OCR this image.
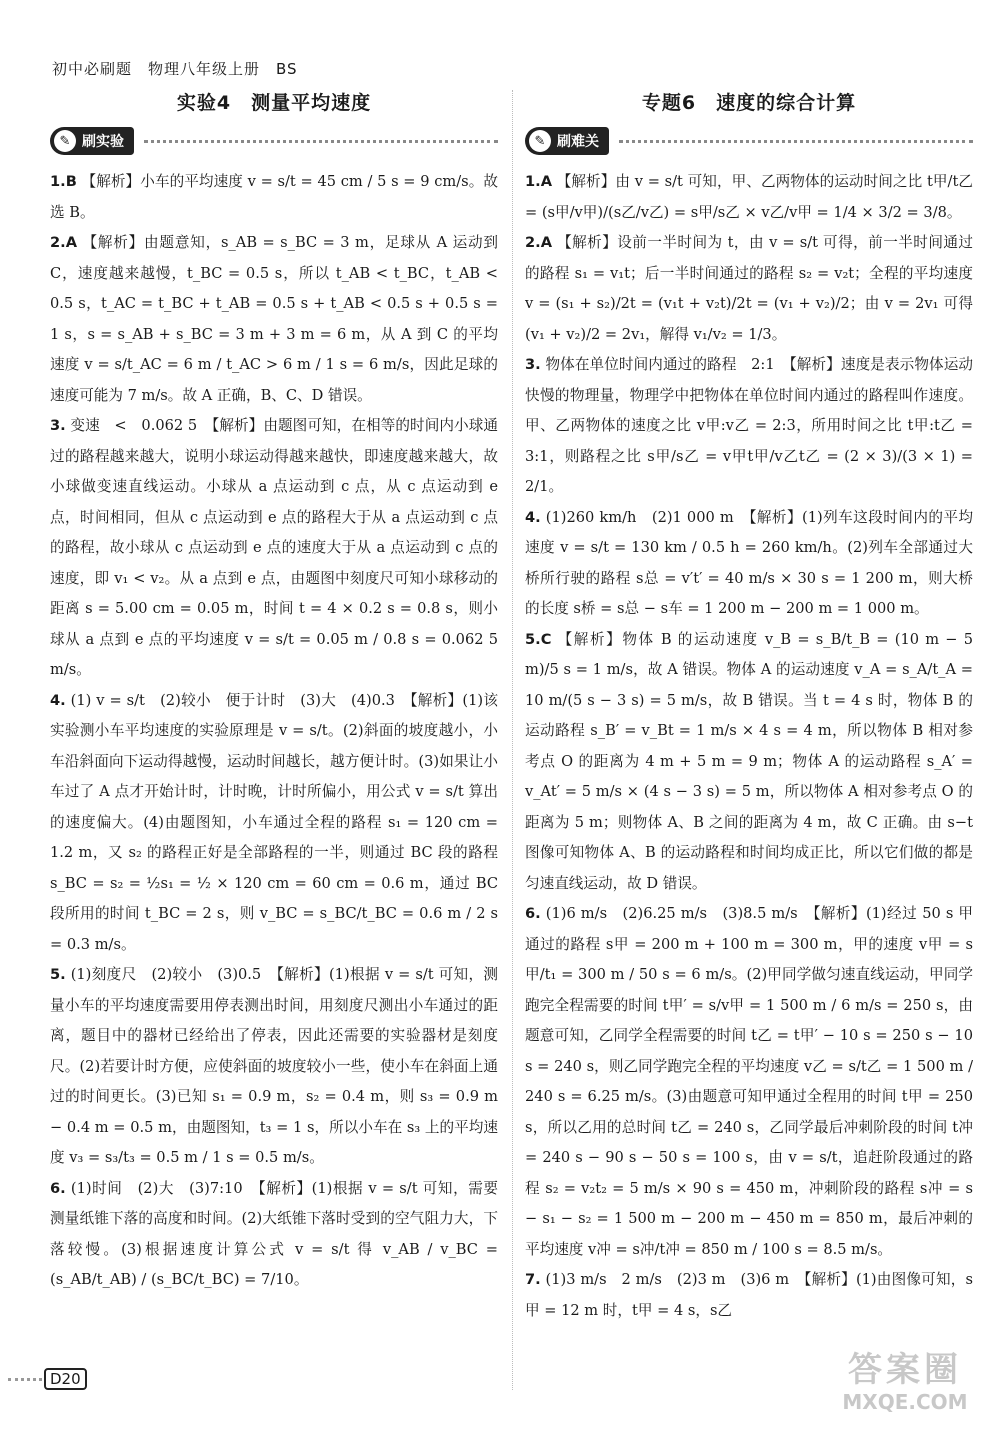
初中必刷题　物理八年级上册　BS
实验4　测量平均速度
✎ 刷实验

1.B 【解析】小车的平均速度 v = s/t = 45 cm / 5 s = 9 cm/s。故选 B。

2.A 【解析】由题意知，s_AB = s_BC = 3 m，足球从 A 运动到 C，速度越来越慢，t_BC = 0.5 s，所以 t_AB < t_BC，t_AB < 0.5 s，t_AC = t_BC + t_AB = 0.5 s + t_AB < 0.5 s + 0.5 s = 1 s，s = s_AB + s_BC = 3 m + 3 m = 6 m，从 A 到 C 的平均速度 v = s/t_AC = 6 m / t_AC > 6 m / 1 s = 6 m/s，因此足球的速度可能为 7 m/s。故 A 正确，B、C、D 错误。

3. 变速　<　0.062 5　【解析】由题图可知，在相等的时间内小球通过的路程越来越大，说明小球运动得越来越快，即速度越来越大，故小球做变速直线运动。小球从 a 点运动到 c 点，从 c 点运动到 e 点，时间相同，但从 c 点运动到 e 点的路程大于从 a 点运动到 c 点的路程，故小球从 c 点运动到 e 点的速度大于从 a 点运动到 c 点的速度，即 v₁ < v₂。从 a 点到 e 点，由题图中刻度尺可知小球移动的距离 s = 5.00 cm = 0.05 m，时间 t = 4 × 0.2 s = 0.8 s，则小球从 a 点到 e 点的平均速度 v = s/t = 0.05 m / 0.8 s = 0.062 5 m/s。

4. (1) v = s/t　(2)较小　便于计时　(3)大　(4)0.3　【解析】(1)该实验测小车平均速度的实验原理是 v = s/t。(2)斜面的坡度越小，小车沿斜面向下运动得越慢，运动时间越长，越方便计时。(3)如果让小车过了 A 点才开始计时，计时晚，计时所偏小，用公式 v = s/t 算出的速度偏大。(4)由题图知，小车通过全程的路程 s₁ = 120 cm = 1.2 m，又 s₂ 的路程正好是全部路程的一半，则通过 BC 段的路程 s_BC = s₂ = ½s₁ = ½ × 120 cm = 60 cm = 0.6 m，通过 BC 段所用的时间 t_BC = 2 s，则 v_BC = s_BC/t_BC = 0.6 m / 2 s = 0.3 m/s。

5. (1)刻度尺　(2)较小　(3)0.5　【解析】(1)根据 v = s/t 可知，测量小车的平均速度需要用停表测出时间，用刻度尺测出小车通过的距离，题目中的器材已经给出了停表，因此还需要的实验器材是刻度尺。(2)若要计时方便，应使斜面的坡度较小一些，使小车在斜面上通过的时间更长。(3)已知 s₁ = 0.9 m，s₂ = 0.4 m，则 s₃ = 0.9 m − 0.4 m = 0.5 m，由题图知，t₃ = 1 s，所以小车在 s₃ 上的平均速度 v₃ = s₃/t₃ = 0.5 m / 1 s = 0.5 m/s。

6. (1)时间　(2)大　(3)7:10　【解析】(1)根据 v = s/t 可知，需要测量纸锥下落的高度和时间。(2)大纸锥下落时受到的空气阻力大，下落较慢。(3)根据速度计算公式 v = s/t 得 v_AB / v_BC = (s_AB/t_AB) / (s_BC/t_BC) = 7/10。

专题6　速度的综合计算
✎ 刷难关

1.A 【解析】由 v = s/t 可知，甲、乙两物体的运动时间之比 t甲/t乙 = (s甲/v甲)/(s乙/v乙) = s甲/s乙 × v乙/v甲 = 1/4 × 3/2 = 3/8。

2.A 【解析】设前一半时间为 t，由 v = s/t 可得，前一半时间通过的路程 s₁ = v₁t；后一半时间通过的路程 s₂ = v₂t；全程的平均速度 v = (s₁ + s₂)/2t = (v₁t + v₂t)/2t = (v₁ + v₂)/2；由 v = 2v₁ 可得 (v₁ + v₂)/2 = 2v₁，解得 v₁/v₂ = 1/3。

3. 物体在单位时间内通过的路程　2:1　【解析】速度是表示物体运动快慢的物理量，物理学中把物体在单位时间内通过的路程叫作速度。甲、乙两物体的速度之比 v甲:v乙 = 2:3，所用时间之比 t甲:t乙 = 3:1，则路程之比 s甲/s乙 = v甲t甲/v乙t乙 = (2 × 3)/(3 × 1) = 2/1。

4. (1)260 km/h　(2)1 000 m　【解析】(1)列车这段时间内的平均速度 v = s/t = 130 km / 0.5 h = 260 km/h。(2)列车全部通过大桥所行驶的路程 s总 = v′t′ = 40 m/s × 30 s = 1 200 m，则大桥的长度 s桥 = s总 − s车 = 1 200 m − 200 m = 1 000 m。

5.C 【解析】物体 B 的运动速度 v_B = s_B/t_B = (10 m − 5 m)/5 s = 1 m/s，故 A 错误。物体 A 的运动速度 v_A = s_A/t_A = 10 m/(5 s − 3 s) = 5 m/s，故 B 错误。当 t = 4 s 时，物体 B 的运动路程 s_B′ = v_Bt = 1 m/s × 4 s = 4 m，所以物体 B 相对参考点 O 的距离为 4 m + 5 m = 9 m；物体 A 的运动路程 s_A′ = v_At′ = 5 m/s × (4 s − 3 s) = 5 m，所以物体 A 相对参考点 O 的距离为 5 m；则物体 A、B 之间的距离为 4 m，故 C 正确。由 s−t 图像可知物体 A、B 的运动路程和时间均成正比，所以它们做的都是匀速直线运动，故 D 错误。

6. (1)6 m/s　(2)6.25 m/s　(3)8.5 m/s　【解析】(1)经过 50 s 甲通过的路程 s甲 = 200 m + 100 m = 300 m，甲的速度 v甲 = s甲/t₁ = 300 m / 50 s = 6 m/s。(2)甲同学做匀速直线运动，甲同学跑完全程需要的时间 t甲′ = s/v甲 = 1 500 m / 6 m/s = 250 s，由题意可知，乙同学全程需要的时间 t乙 = t甲′ − 10 s = 250 s − 10 s = 240 s，则乙同学跑完全程的平均速度 v乙 = s/t乙 = 1 500 m / 240 s = 6.25 m/s。(3)由题意可知甲通过全程用的时间 t甲 = 250 s，所以乙用的总时间 t乙 = 240 s，乙同学最后冲刺阶段的时间 t冲 = 240 s − 90 s − 50 s = 100 s，由 v = s/t，追赶阶段通过的路程 s₂ = v₂t₂ = 5 m/s × 90 s = 450 m，冲刺阶段的路程 s冲 = s − s₁ − s₂ = 1 500 m − 200 m − 450 m = 850 m，最后冲刺的平均速度 v冲 = s冲/t冲 = 850 m / 100 s = 8.5 m/s。

7. (1)3 m/s　2 m/s　(2)3 m　(3)6 m　【解析】(1)由图像可知，s甲 = 12 m 时，t甲 = 4 s，s乙

D20	答案圈
MXQE.COM
